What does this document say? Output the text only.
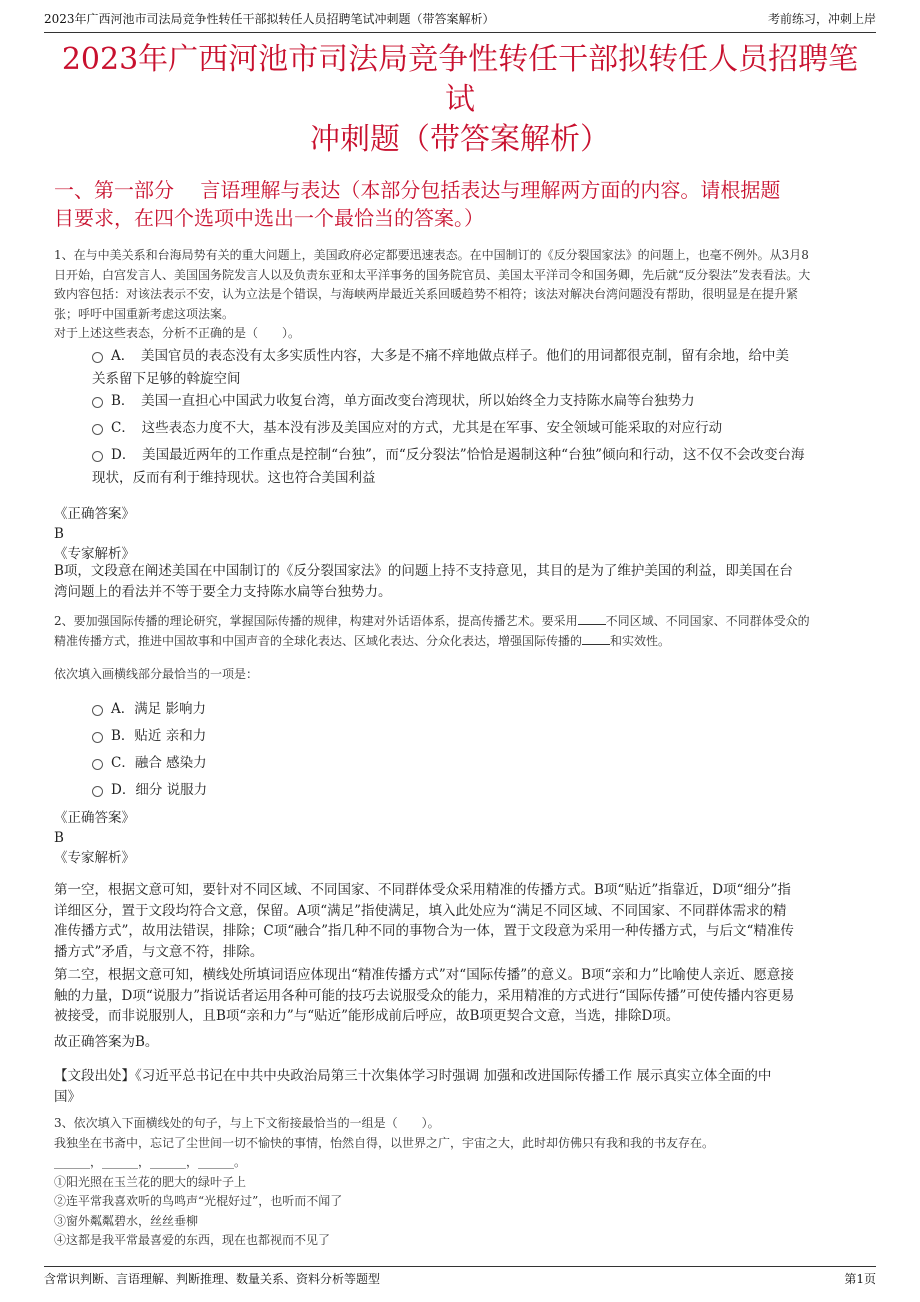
2023年广西河池市司法局竞争性转任干部拟转任人员招聘笔试冲刺题（带答案解析）	考前练习，冲刺上岸
2023年广西河池市司法局竞争性转任干部拟转任人员招聘笔试
冲刺题（带答案解析）
一、第一部分　 言语理解与表达（本部分包括表达与理解两方面的内容。请根据题
目要求，在四个选项中选出一个最恰当的答案。）
1、在与中美关系和台海局势有关的重大问题上，美国政府必定都要迅速表态。在中国制订的《反分裂国家法》的问题上，也毫不例外。从3月8
日开始，白宫发言人、美国国务院发言人以及负责东亚和太平洋事务的国务院官员、美国太平洋司令和国务卿，先后就“反分裂法”发表看法。大
致内容包括：对该法表示不安，认为立法是个错误，与海峡两岸最近关系回暖趋势不相符；该法对解决台湾问题没有帮助，很明显是在提升紧
张；呼吁中国重新考虑这项法案。
对于上述这些表态，分析不正确的是（　　）。
A．　美国官员的表态没有太多实质性内容，大多是不痛不痒地做点样子。他们的用词都很克制，留有余地，给中美
关系留下足够的斡旋空间
B．　美国一直担心中国武力收复台湾，单方面改变台湾现状，所以始终全力支持陈水扁等台独势力
C．　这些表态力度不大，基本没有涉及美国应对的方式，尤其是在军事、安全领域可能采取的对应行动
D．　美国最近两年的工作重点是控制“台独”，而“反分裂法”恰恰是遏制这种“台独”倾向和行动，这不仅不会改变台海
现状，反而有利于维持现状。这也符合美国利益
《正确答案》
B
《专家解析》
B项，文段意在阐述美国在中国制订的《反分裂国家法》的问题上持不支持意见，其目的是为了维护美国的利益，即美国在台
湾问题上的看法并不等于要全力支持陈水扁等台独势力。
2、要加强国际传播的理论研究，掌握国际传播的规律，构建对外话语体系，提高传播艺术。要采用 不同区域、不同国家、不同群体受众的
精准传播方式，推进中国故事和中国声音的全球化表达、区域化表达、分众化表达，增强国际传播的 和实效性。
依次填入画横线部分最恰当的一项是：
A．满足 影响力
B．贴近 亲和力
C．融合 感染力
D．细分 说服力
《正确答案》
B
《专家解析》
第一空，根据文意可知，要针对不同区域、不同国家、不同群体受众采用精准的传播方式。B项“贴近”指靠近，D项“细分”指
详细区分，置于文段均符合文意，保留。A项“满足”指使满足，填入此处应为“满足不同区域、不同国家、不同群体需求的精
准传播方式”，故用法错误，排除；C项“融合”指几种不同的事物合为一体，置于文段意为采用一种传播方式，与后文“精准传
播方式”矛盾，与文意不符，排除。
第二空，根据文意可知，横线处所填词语应体现出“精准传播方式”对“国际传播”的意义。B项“亲和力”比喻使人亲近、愿意接
触的力量，D项“说服力”指说话者运用各种可能的技巧去说服受众的能力，采用精准的方式进行“国际传播”可使传播内容更易
被接受，而非说服别人，且B项“亲和力”与“贴近”能形成前后呼应，故B项更契合文意，当选，排除D项。
故正确答案为B。
【文段出处】《习近平总书记在中共中央政治局第三十次集体学习时强调 加强和改进国际传播工作 展示真实立体全面的中
国》
3、依次填入下面横线处的句子，与上下文衔接最恰当的一组是（　　）。
我独坐在书斋中，忘记了尘世间一切不愉快的事情，怡然自得，以世界之广，宇宙之大，此时却仿佛只有我和我的书友存在。
______，______，______，______。
①阳光照在玉兰花的肥大的绿叶子上
②连平常我喜欢听的鸟鸣声“光棍好过”，也听而不闻了
③窗外粼粼碧水，丝丝垂柳
④这都是我平常最喜爱的东西，现在也都视而不见了
含常识判断、言语理解、判断推理、数量关系、资料分析等题型	第1页
